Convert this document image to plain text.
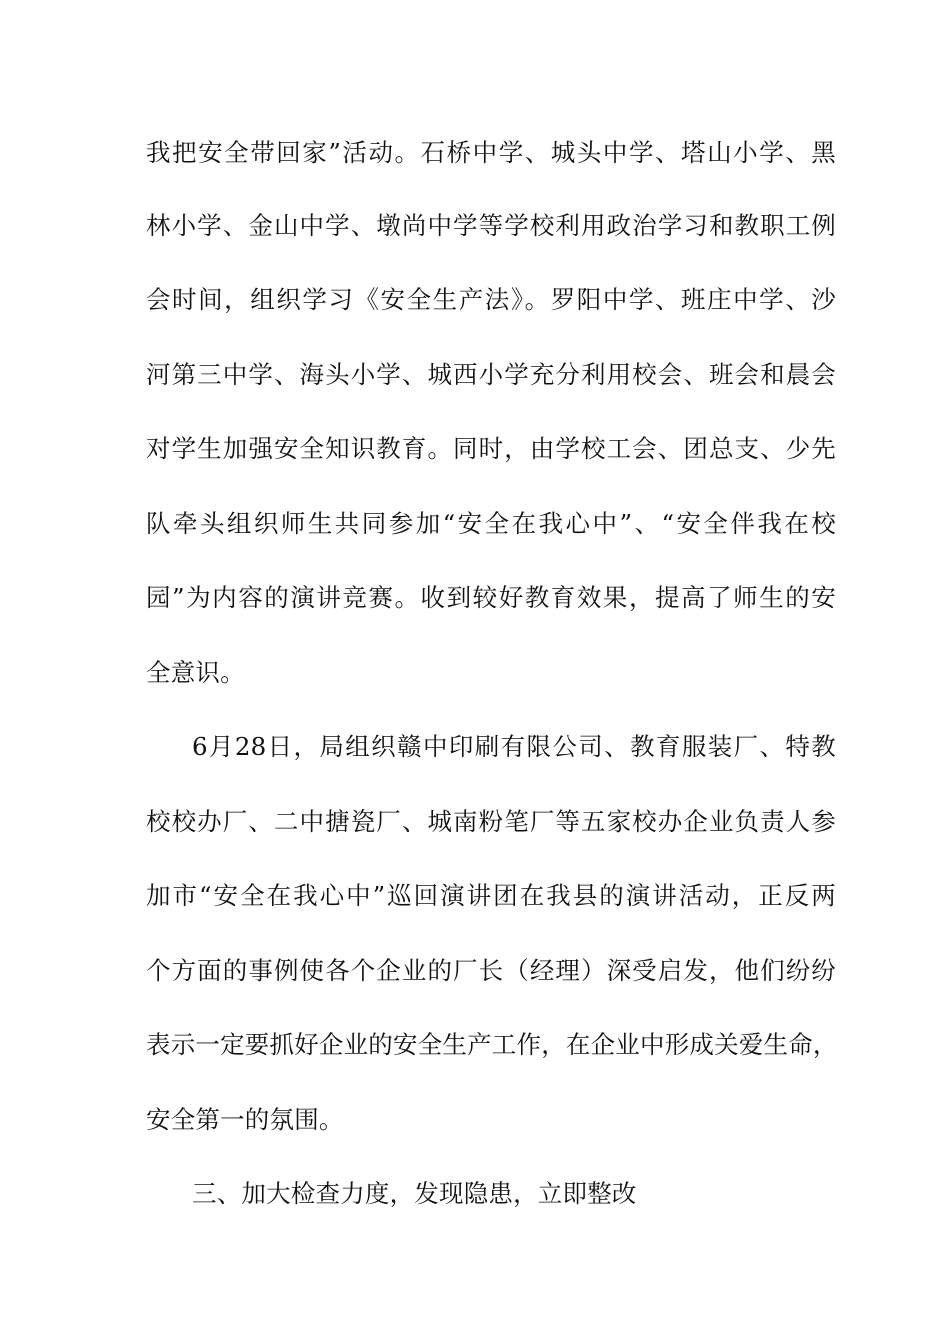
我把安全带回家”活动。石桥中学、城头中学、塔山小学、黑
林小学、金山中学、墩尚中学等学校利用政治学习和教职工例
会时间，组织学习《安全生产法》。罗阳中学、班庄中学、沙
河第三中学、海头小学、城西小学充分利用校会、班会和晨会
对学生加强安全知识教育。同时，由学校工会、团总支、少先
队牵头组织师生共同参加“安全在我心中”、“安全伴我在校
园”为内容的演讲竞赛。收到较好教育效果，提高了师生的安
全意识。
6月28日，局组织赣中印刷有限公司、教育服装厂、特教
校校办厂、二中搪瓷厂、城南粉笔厂等五家校办企业负责人参
加市“安全在我心中”巡回演讲团在我县的演讲活动，正反两
个方面的事例使各个企业的厂长（经理）深受启发，他们纷纷
表示一定要抓好企业的安全生产工作，在企业中形成关爱生命，
安全第一的氛围。
三、加大检查力度，发现隐患，立即整改
